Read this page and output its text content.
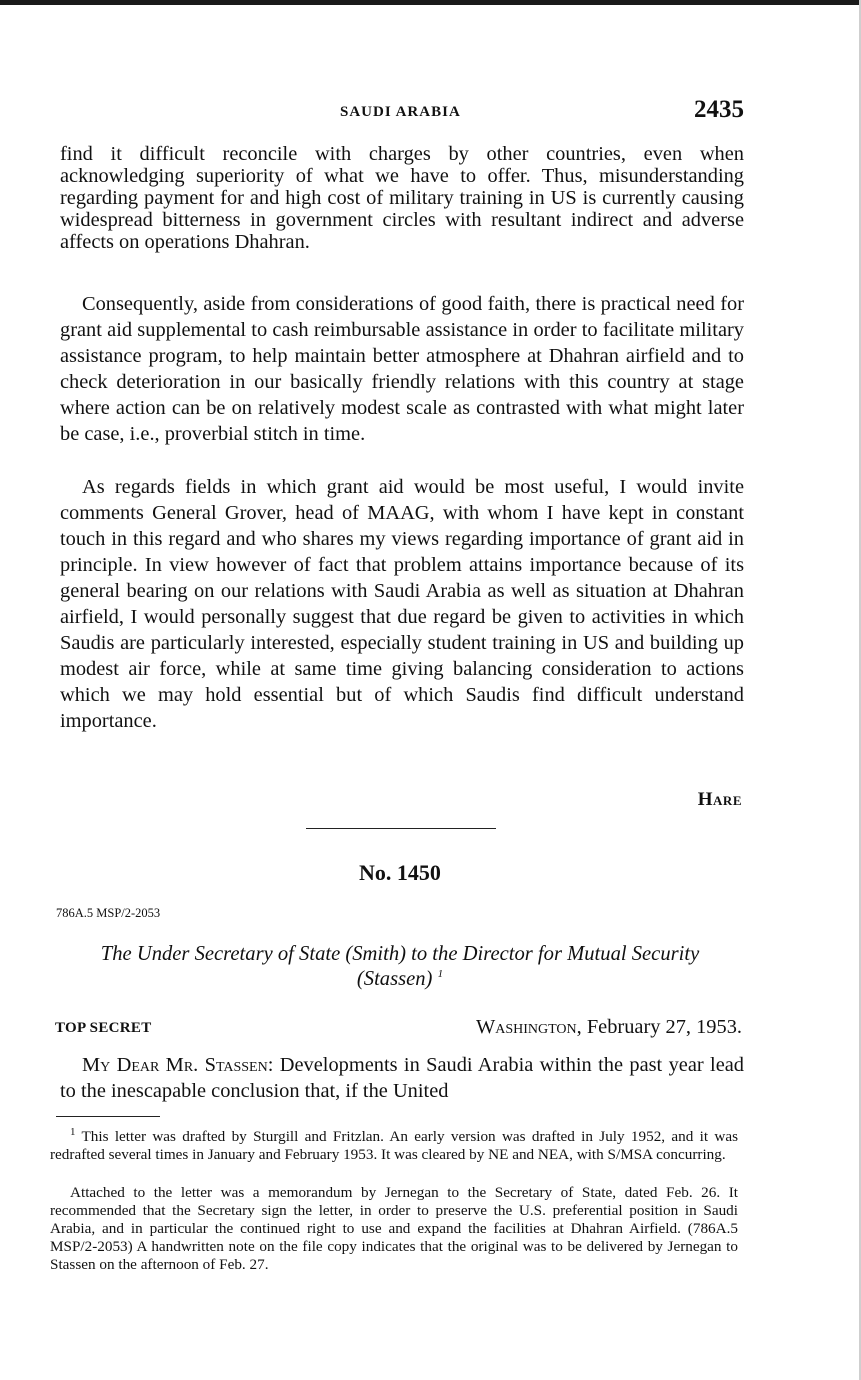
SAUDI ARABIA	2435

find it difficult reconcile with charges by other countries, even when acknowledging superiority of what we have to offer. Thus, misunderstanding regarding payment for and high cost of military training in US is currently causing widespread bitterness in government circles with resultant indirect and adverse affects on operations Dhahran.

Consequently, aside from considerations of good faith, there is practical need for grant aid supplemental to cash reimbursable assistance in order to facilitate military assistance program, to help maintain better atmosphere at Dhahran airfield and to check deterioration in our basically friendly relations with this country at stage where action can be on relatively modest scale as contrasted with what might later be case, i.e., proverbial stitch in time.

As regards fields in which grant aid would be most useful, I would invite comments General Grover, head of MAAG, with whom I have kept in constant touch in this regard and who shares my views regarding importance of grant aid in principle. In view however of fact that problem attains importance because of its general bearing on our relations with Saudi Arabia as well as situation at Dhahran airfield, I would personally suggest that due regard be given to activities in which Saudis are particularly interested, especially student training in US and building up modest air force, while at same time giving balancing consideration to actions which we may hold essential but of which Saudis find difficult understand importance.

Hare
No. 1450
786A.5 MSP/2-2053
The Under Secretary of State (Smith) to the Director for Mutual Security (Stassen) $^1$
TOP SECRET	Washington, February 27, 1953.

My Dear Mr. Stassen: Developments in Saudi Arabia within the past year lead to the inescapable conclusion that, if the United

$^1$ This letter was drafted by Sturgill and Fritzlan. An early version was drafted in July 1952, and it was redrafted several times in January and February 1953. It was cleared by NE and NEA, with S/MSA concurring.

Attached to the letter was a memorandum by Jernegan to the Secretary of State, dated Feb. 26. It recommended that the Secretary sign the letter, in order to preserve the U.S. preferential position in Saudi Arabia, and in particular the continued right to use and expand the facilities at Dhahran Airfield. (786A.5 MSP/2-2053) A handwritten note on the file copy indicates that the original was to be delivered by Jernegan to Stassen on the afternoon of Feb. 27.
